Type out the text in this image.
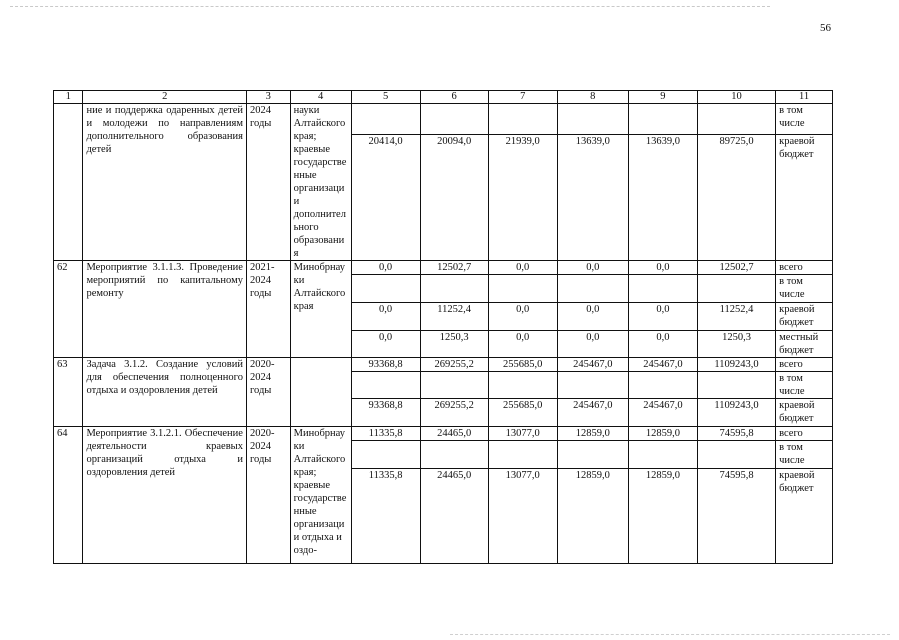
56
1	2	3	4	5	6	7	8	9	10	11
	ние и поддержка одаренных детей и молодежи по направлениям дополнительного образования детей	2024 годы	науки Алтайского края; краевые государственные организации дополнительного образования							в том числе
				20414,0	20094,0	21939,0	13639,0	13639,0	89725,0	краевой бюджет
62	Мероприятие 3.1.1.3. Проведение мероприятий по капитальному ремонту	2021-2024 годы	Минобрнауки Алтайского края	0,0	12502,7	0,0	0,0	0,0	12502,7	всего
										в том числе
				0,0	11252,4	0,0	0,0	0,0	11252,4	краевой бюджет
				0,0	1250,3	0,0	0,0	0,0	1250,3	местный бюджет
63	Задача 3.1.2. Создание условий для обеспечения полноценного отдыха и оздоровления детей	2020-2024 годы		93368,8	269255,2	255685,0	245467,0	245467,0	1109243,0	всего
										в том числе
				93368,8	269255,2	255685,0	245467,0	245467,0	1109243,0	краевой бюджет
64	Мероприятие 3.1.2.1. Обеспечение деятельности краевых организаций отдыха и оздоровления детей	2020-2024 годы	Минобрнауки Алтайского края; краевые государственные организации отдыха и оздо-	11335,8	24465,0	13077,0	12859,0	12859,0	74595,8	всего
										в том числе
				11335,8	24465,0	13077,0	12859,0	12859,0	74595,8	краевой бюджет
